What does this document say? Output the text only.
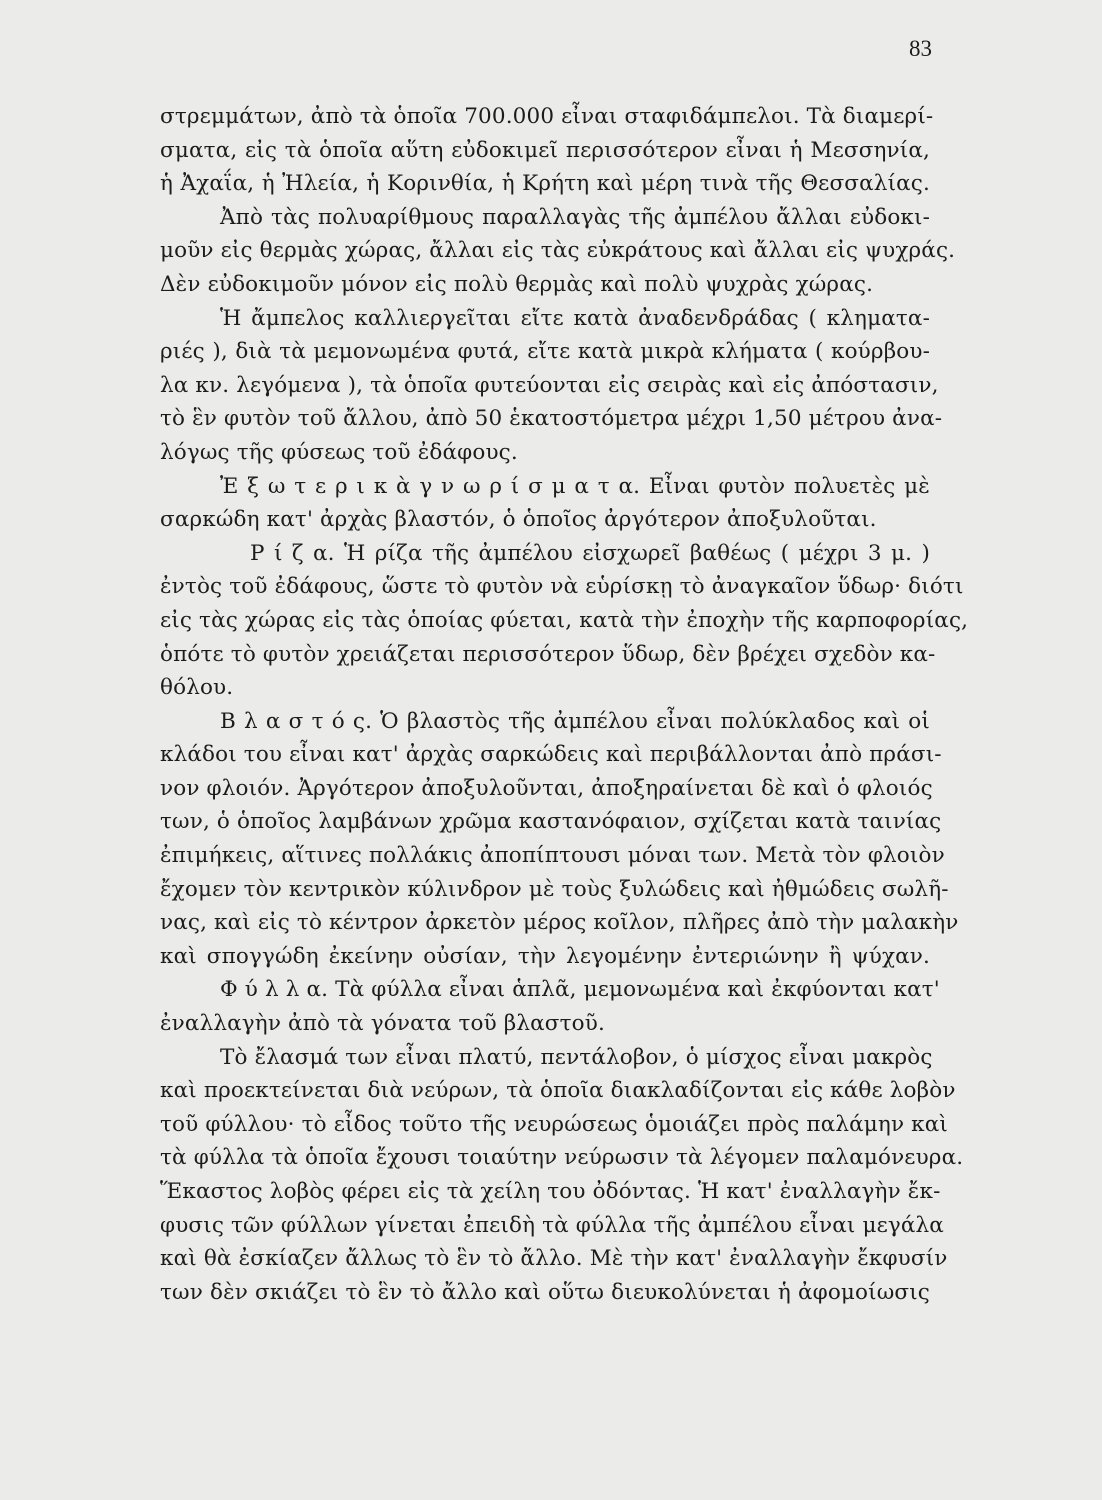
83
στρεμμάτων, ἀπὸ τὰ ὁποῖα 700.000 εἶναι σταφιδάμπελοι. Τὰ διαμερί-
σματα, εἰς τὰ ὁποῖα αὕτη εὐδοκιμεῖ περισσότερον εἶναι ἡ Μεσσηνία,
ἡ Ἀχαΐα, ἡ Ἠλεία, ἡ Κορινθία, ἡ Κρήτη καὶ μέρη τινὰ τῆς Θεσσαλίας.
Ἀπὸ τὰς πολυαρίθμους παραλλαγὰς τῆς ἀμπέλου ἄλλαι εὐδοκι-
μοῦν εἰς θερμὰς χώρας, ἄλλαι εἰς τὰς εὐκράτους καὶ ἄλλαι εἰς ψυχράς.
Δὲν εὐδοκιμοῦν μόνον εἰς πολὺ θερμὰς καὶ πολὺ ψυχρὰς χώρας.
Ἡ ἄμπελος καλλιεργεῖται εἴτε κατὰ ἀναδενδράδας ( κληματα-
ριές ), διὰ τὰ μεμονωμένα φυτά, εἴτε κατὰ μικρὰ κλήματα ( κούρβου-
λα κν. λεγόμενα ), τὰ ὁποῖα φυτεύονται εἰς σειρὰς καὶ εἰς ἀπόστασιν,
τὸ ἓν φυτὸν τοῦ ἄλλου, ἀπὸ 50 ἑκατοστόμετρα μέχρι 1,50 μέτρου ἀνα-
λόγως τῆς φύσεως τοῦ ἐδάφους.
Ἐ ξ ω τ ε ρ ι κ ὰ γ ν ω ρ ί σ μ α τ α. Εἶναι φυτὸν πολυετὲς μὲ
σαρκώδη κατ' ἀρχὰς βλαστόν, ὁ ὁποῖος ἀργότερον ἀποξυλοῦται.
Ρ ί ζ α. Ἡ ρίζα τῆς ἀμπέλου εἰσχωρεῖ βαθέως ( μέχρι 3 μ. )
ἐντὸς τοῦ ἐδάφους, ὥστε τὸ φυτὸν νὰ εὑρίσκῃ τὸ ἀναγκαῖον ὕδωρ· διότι
εἰς τὰς χώρας εἰς τὰς ὁποίας φύεται, κατὰ τὴν ἐποχὴν τῆς καρποφορίας,
ὁπότε τὸ φυτὸν χρειάζεται περισσότερον ὕδωρ, δὲν βρέχει σχεδὸν κα-
θόλου.
Β λ α σ τ ό ς. Ὁ βλαστὸς τῆς ἀμπέλου εἶναι πολύκλαδος καὶ οἱ
κλάδοι του εἶναι κατ' ἀρχὰς σαρκώδεις καὶ περιβάλλονται ἀπὸ πράσι-
νον φλοιόν. Ἀργότερον ἀποξυλοῦνται, ἀποξηραίνεται δὲ καὶ ὁ φλοιός
των, ὁ ὁποῖος λαμβάνων χρῶμα καστανόφαιον, σχίζεται κατὰ ταινίας
ἐπιμήκεις, αἵτινες πολλάκις ἀποπίπτουσι μόναι των. Μετὰ τὸν φλοιὸν
ἔχομεν τὸν κεντρικὸν κύλινδρον μὲ τοὺς ξυλώδεις καὶ ἠθμώδεις σωλῆ-
νας, καὶ εἰς τὸ κέντρον ἀρκετὸν μέρος κοῖλον, πλῆρες ἀπὸ τὴν μαλακὴν
καὶ σπογγώδη ἐκείνην οὐσίαν, τὴν λεγομένην ἐντεριώνην ἢ ψύχαν.
Φ ύ λ λ α. Τὰ φύλλα εἶναι ἁπλᾶ, μεμονωμένα καὶ ἐκφύονται κατ'
ἐναλλαγὴν ἀπὸ τὰ γόνατα τοῦ βλαστοῦ.
Τὸ ἔλασμά των εἶναι πλατύ, πεντάλοβον, ὁ μίσχος εἶναι μακρὸς
καὶ προεκτείνεται διὰ νεύρων, τὰ ὁποῖα διακλαδίζονται εἰς κάθε λοβὸν
τοῦ φύλλου· τὸ εἶδος τοῦτο τῆς νευρώσεως ὁμοιάζει πρὸς παλάμην καὶ
τὰ φύλλα τὰ ὁποῖα ἔχουσι τοιαύτην νεύρωσιν τὰ λέγομεν παλαμόνευρα.
Ἕκαστος λοβὸς φέρει εἰς τὰ χείλη του ὀδόντας. Ἡ κατ' ἐναλλαγὴν ἔκ-
φυσις τῶν φύλλων γίνεται ἐπειδὴ τὰ φύλλα τῆς ἀμπέλου εἶναι μεγάλα
καὶ θὰ ἐσκίαζεν ἄλλως τὸ ἓν τὸ ἄλλο. Μὲ τὴν κατ' ἐναλλαγὴν ἔκφυσίν
των δὲν σκιάζει τὸ ἓν τὸ ἄλλο καὶ οὕτω διευκολύνεται ἡ ἀφομοίωσις
